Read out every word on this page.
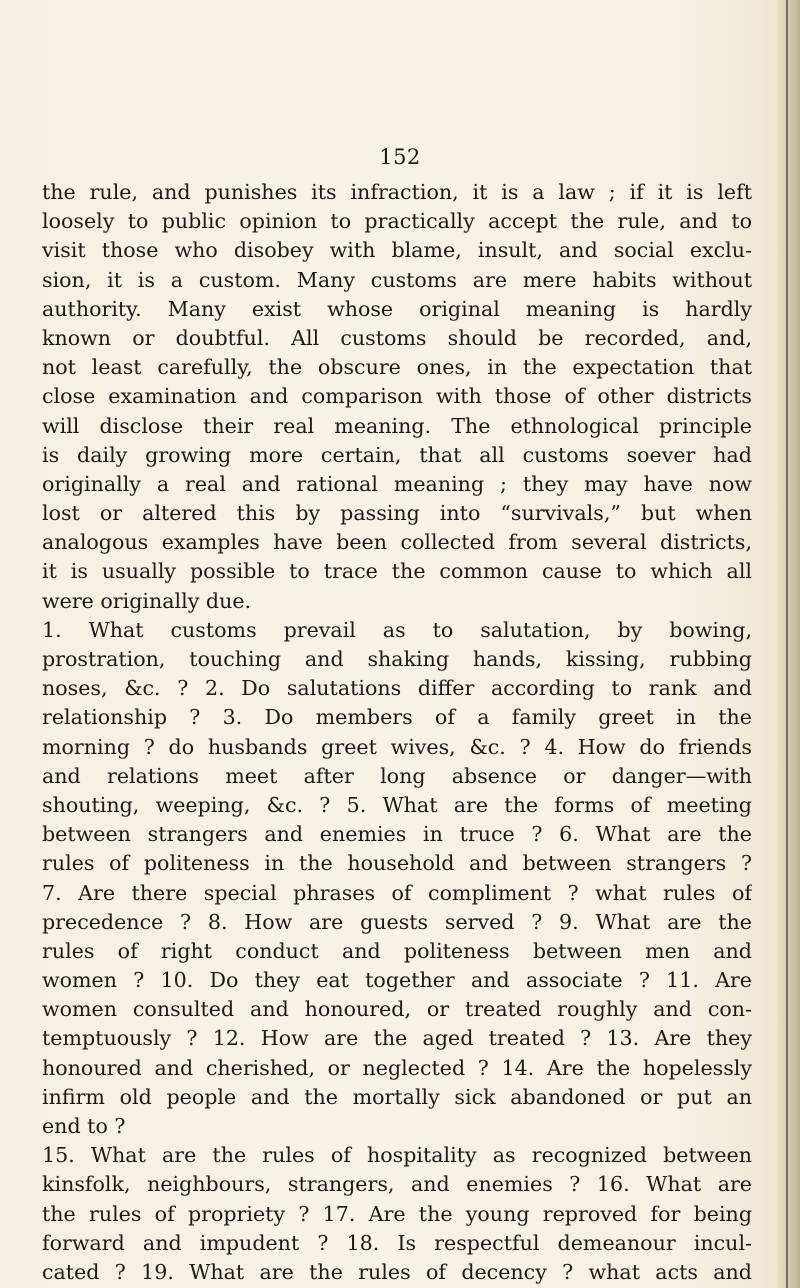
152
the rule, and punishes its infraction, it is a law ; if it is left
loosely to public opinion to practically accept the rule, and to
visit those who disobey with blame, insult, and social exclu-
sion, it is a custom. Many customs are mere habits without
authority. Many exist whose original meaning is hardly
known or doubtful. All customs should be recorded, and,
not least carefully, the obscure ones, in the expectation that
close examination and comparison with those of other districts
will disclose their real meaning. The ethnological principle
is daily growing more certain, that all customs soever had
originally a real and rational meaning ; they may have now
lost or altered this by passing into “survivals,” but when
analogous examples have been collected from several districts,
it is usually possible to trace the common cause to which all
were originally due.
1. What customs prevail as to salutation, by bowing,
prostration, touching and shaking hands, kissing, rubbing
noses, &c. ? 2. Do salutations differ according to rank and
relationship ? 3. Do members of a family greet in the
morning ? do husbands greet wives, &c. ? 4. How do friends
and relations meet after long absence or danger—with
shouting, weeping, &c. ? 5. What are the forms of meeting
between strangers and enemies in truce ? 6. What are the
rules of politeness in the household and between strangers ?
7. Are there special phrases of compliment ? what rules of
precedence ? 8. How are guests served ? 9. What are the
rules of right conduct and politeness between men and
women ? 10. Do they eat together and associate ? 11. Are
women consulted and honoured, or treated roughly and con-
temptuously ? 12. How are the aged treated ? 13. Are they
honoured and cherished, or neglected ? 14. Are the hopelessly
infirm old people and the mortally sick abandoned or put an
end to ?
15. What are the rules of hospitality as recognized between
kinsfolk, neighbours, strangers, and enemies ? 16. What are
the rules of propriety ? 17. Are the young reproved for being
forward and impudent ? 18. Is respectful demeanour incul-
cated ? 19. What are the rules of decency ? what acts and
